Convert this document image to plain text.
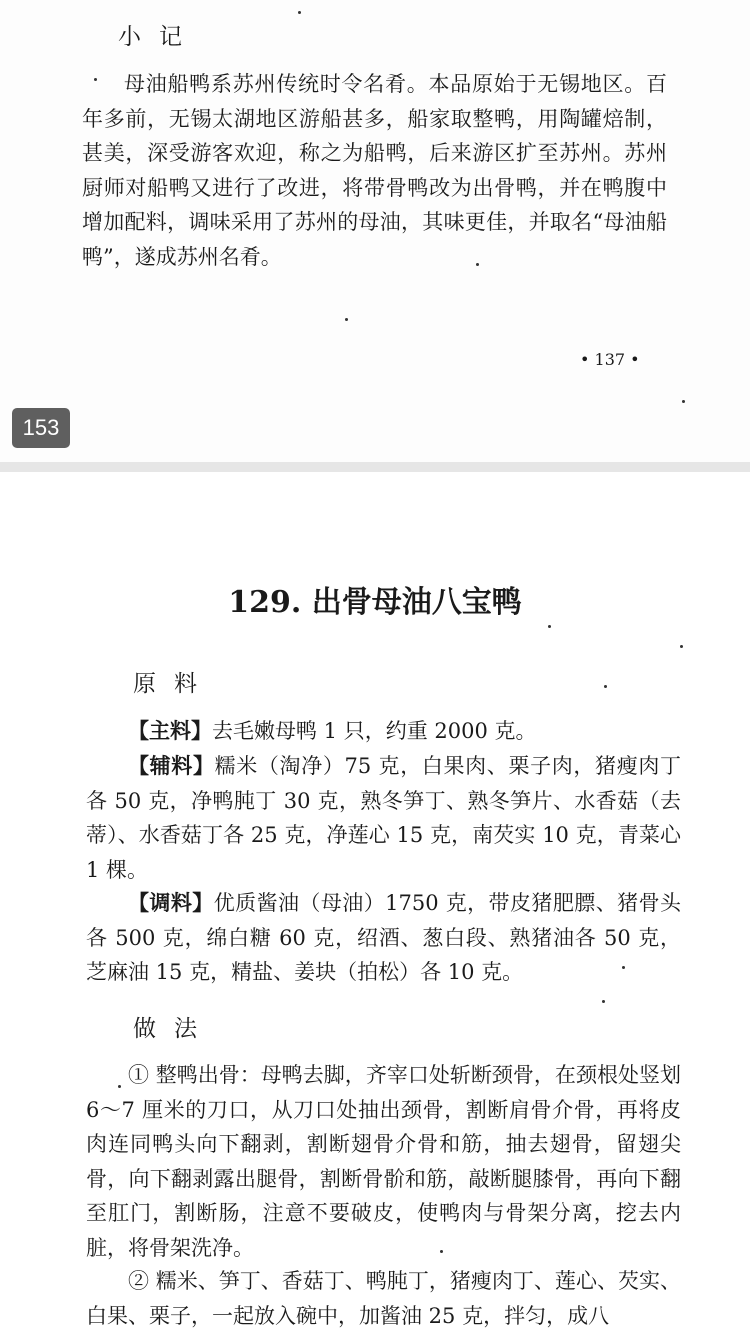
小记
母油船鸭系苏州传统时令名肴。本品原始于无锡地区。百年多前，无锡太湖地区游船甚多，船家取整鸭，用陶罐焙制，甚美，深受游客欢迎，称之为船鸭，后来游区扩至苏州。苏州厨师对船鸭又进行了改进，将带骨鸭改为出骨鸭，并在鸭腹中增加配料，调味采用了苏州的母油，其味更佳，并取名“母油船鸭”，遂成苏州名肴。
• 137 •
153
129. 出骨母油八宝鸭
原料
【主料】去毛嫩母鸭 1 只，约重 2000 克。
【辅料】糯米（淘净）75 克，白果肉、栗子肉，猪瘦肉丁各 50 克，净鸭肫丁 30 克，熟冬笋丁、熟冬笋片、水香菇（去蒂）、水香菇丁各 25 克，净莲心 15 克，南芡实 10 克，青菜心 1 棵。
【调料】优质酱油（母油）1750 克，带皮猪肥膘、猪骨头各 500 克，绵白糖 60 克，绍酒、葱白段、熟猪油各 50 克，芝麻油 15 克，精盐、姜块（拍松）各 10 克。
做法
① 整鸭出骨：母鸭去脚，齐宰口处斩断颈骨，在颈根处竖划 6～7 厘米的刀口，从刀口处抽出颈骨，割断肩骨介骨，再将皮肉连同鸭头向下翻剥，割断翅骨介骨和筋，抽去翅骨，留翅尖骨，向下翻剥露出腿骨，割断骨骱和筋，敲断腿膝骨，再向下翻至肛门，割断肠，注意不要破皮，使鸭肉与骨架分离，挖去内脏，将骨架洗净。
② 糯米、笋丁、香菇丁、鸭肫丁，猪瘦肉丁、莲心、芡实、白果、栗子，一起放入碗中，加酱油 25 克，拌匀，成八
